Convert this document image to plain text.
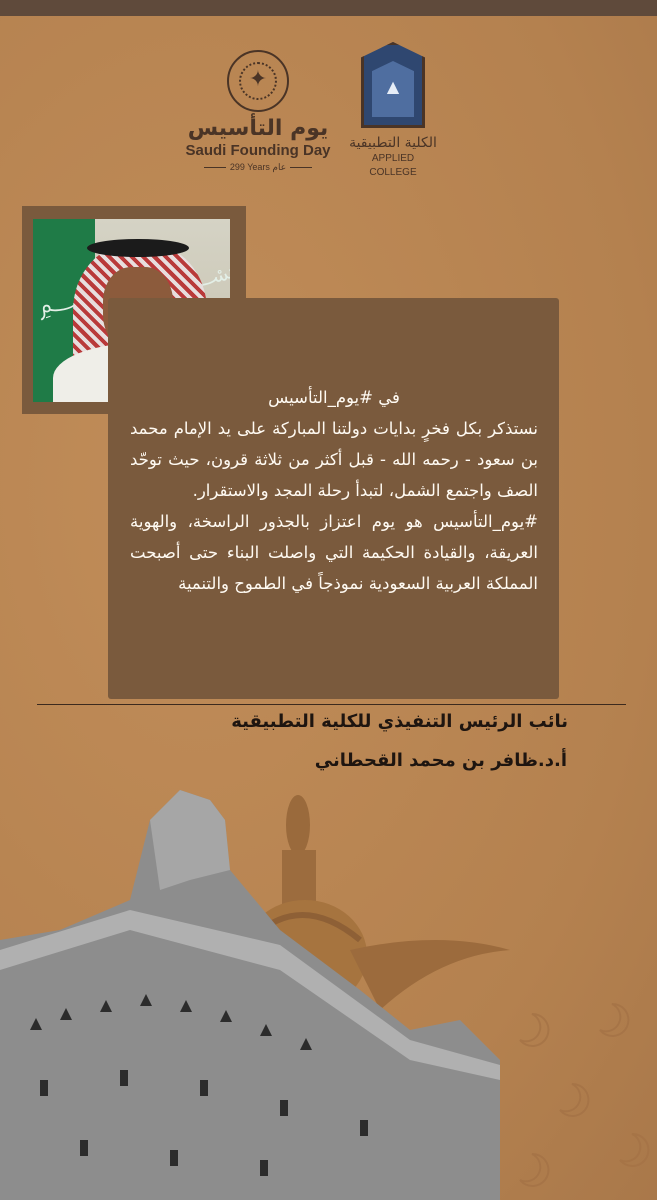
✦
يوم التأسيس
Saudi Founding Day
299 Years عام
▲
الكلية التطبيقية
APPLIED COLLEGE
﷽

في #يوم_التأسيس

نستذكر بكل فخرٍ بدايات دولتنا المباركة على يد الإمام محمد بن سعود - رحمه الله - قبل أكثر من ثلاثة قرون، حيث توحّد الصف واجتمع الشمل، لتبدأ رحلة المجد والاستقرار.

#يوم_التأسيس هو يوم اعتزاز بالجذور الراسخة، والهوية العريقة، والقيادة الحكيمة التي واصلت البناء حتى أصبحت المملكة العربية السعودية نموذجاً في الطموح والتنمية

نائب الرئيس التنفيذي للكلية التطبيقية
أ.د.ظافر بن محمد القحطاني
